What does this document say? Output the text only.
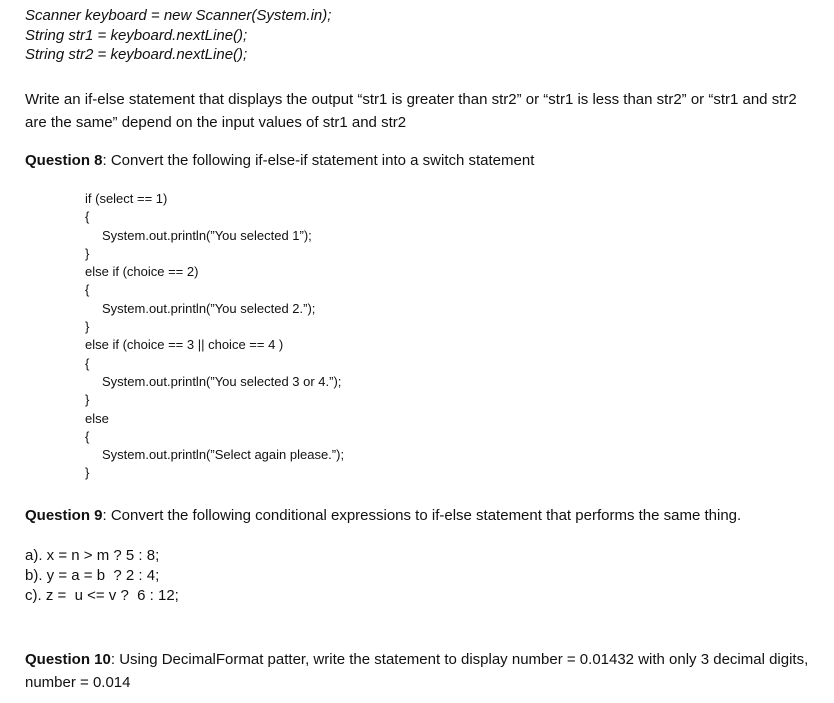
Scanner keyboard = new Scanner(System.in);
String str1 = keyboard.nextLine();
String str2 = keyboard.nextLine();
Write an if-else statement that displays the output “str1 is greater than str2” or “str1 is less than str2” or “str1 and str2 are the same” depend on the input values of str1 and str2
Question 8: Convert the following if-else-if statement into a switch statement
if (select == 1)
{
System.out.println(”You selected 1”);
}
else if (choice == 2)
{
System.out.println(”You selected 2.”);
}
else if (choice == 3 || choice == 4 )
{
System.out.println(”You selected 3 or 4.”);
}
else
{
System.out.println(”Select again please.”);
}
Question 9: Convert the following conditional expressions to if-else statement that performs the same thing.
a). x = n > m ? 5 : 8;
b). y = a = b  ? 2 : 4;
c). z =  u <= v ?  6 : 12;
Question 10: Using DecimalFormat patter, write the statement to display number = 0.01432 with only 3 decimal digits, number = 0.014
